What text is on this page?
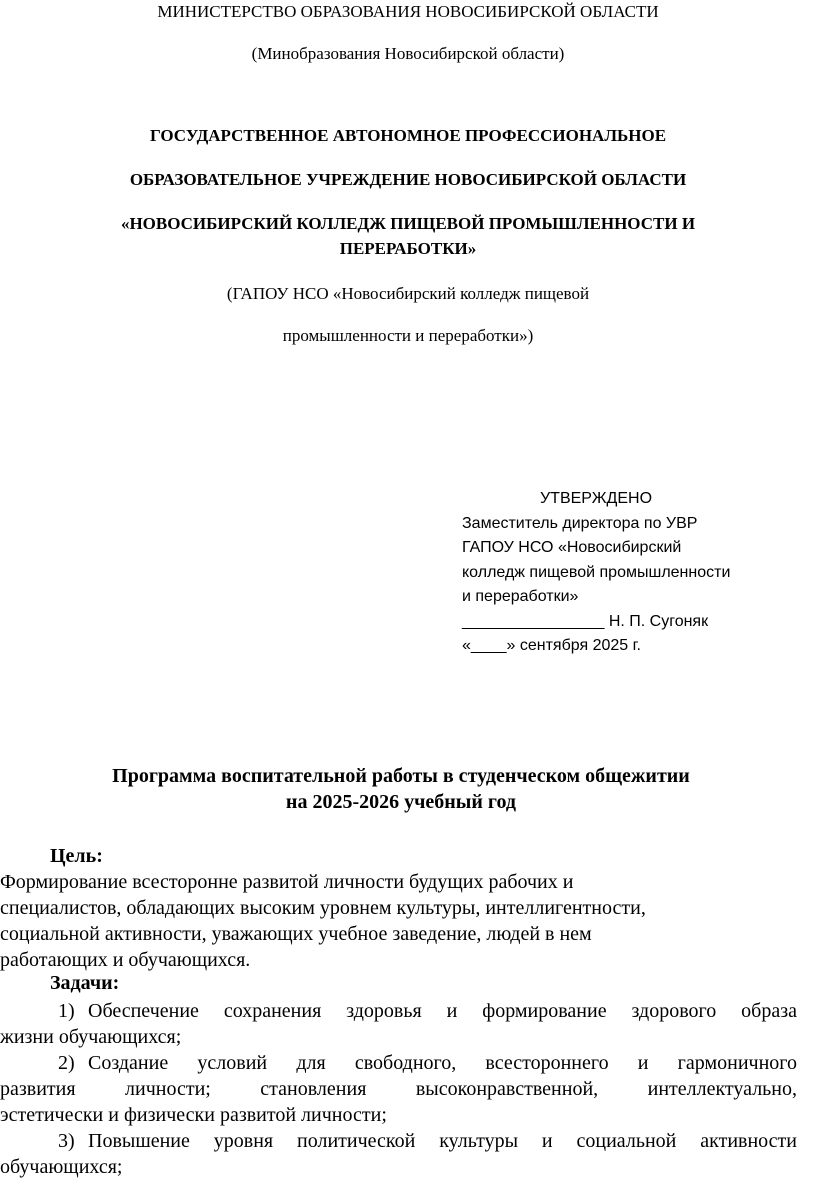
МИНИСТЕРСТВО ОБРАЗОВАНИЯ НОВОСИБИРСКОЙ ОБЛАСТИ
(Минобразования Новосибирской области)
ГОСУДАРСТВЕННОЕ АВТОНОМНОЕ ПРОФЕССИОНАЛЬНОЕ
ОБРАЗОВАТЕЛЬНОЕ УЧРЕЖДЕНИЕ НОВОСИБИРСКОЙ ОБЛАСТИ
«НОВОСИБИРСКИЙ КОЛЛЕДЖ ПИЩЕВОЙ ПРОМЫШЛЕННОСТИ И
ПЕРЕРАБОТКИ»
(ГАПОУ НСО «Новосибирский колледж пищевой
промышленности и переработки»)
УТВЕРЖДЕНО
Заместитель директора по УВР
ГАПОУ НСО «Новосибирский
колледж пищевой промышленности
и переработки»
________________ Н. П. Сугоняк
«____» сентября 2025 г.
Программа воспитательной работы в студенческом общежитии
на 2025-2026 учебный год
Цель:
Формирование всесторонне развитой личности будущих рабочих и
специалистов, обладающих высоким уровнем культуры, интеллигентности,
социальной активности, уважающих учебное заведение, людей в нем
работающих и обучающихся.
Задачи:
1) Обеспечение сохранения здоровья и формирование здорового образа
жизни обучающихся;
2) Создание условий для свободного, всестороннего и гармоничного
развития личности; становления высоконравственной, интеллектуально,
эстетически и физически развитой личности;
3) Повышение уровня политической культуры и социальной активности
обучающихся;
